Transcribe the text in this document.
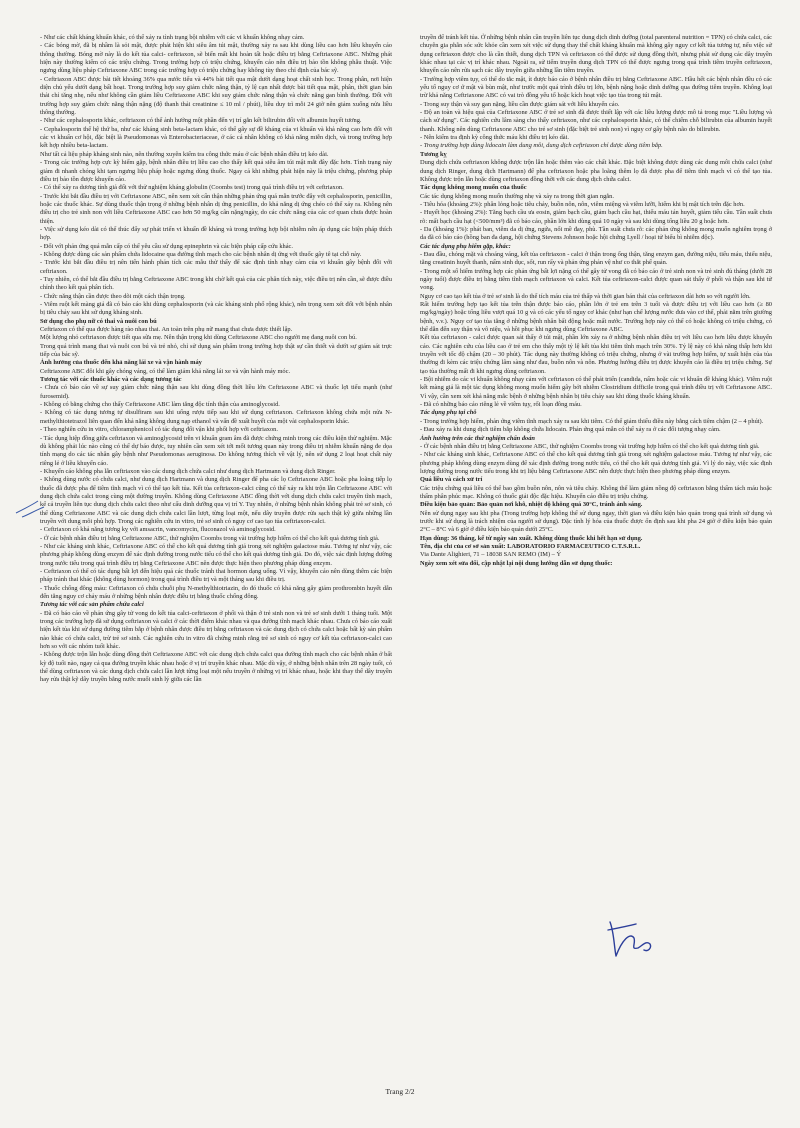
- Như các chất kháng khuẩn khác, có thể xảy ra tình trạng bội nhiễm với các vi khuẩn không nhạy cảm.

- Các bóng mờ, đã bị nhầm là sỏi mật, được phát hiện khi siêu âm túi mật, thường xảy ra sau khi dùng liều cao hơn liều khuyến cáo thông thường. Bóng mờ này là do kết tủa calci- ceftriaxon, sẽ biến mất khi hoàn tất hoặc điều trị bằng Ceftriaxone ABC. Những phát hiện này thường kiếm có các triệu chứng. Trong trường hợp có triệu chứng, khuyến cáo nên điều trị bảo tồn không phẫu thuật. Việc ngưng dùng liệu pháp Ceftriaxone ABC trong các trường hợp có triệu chứng hay không tùy theo chỉ định của bác sỹ.

- Ceftriaxon ABC được bài tiết khoảng 36% qua nước tiểu và 44% bài tiết qua mật dưới dạng hoạt chất sinh học. Trong phân, nơi hiện diện chủ yếu dưới dạng bất hoạt. Trong trường hợp suy giảm chức năng thận, tỷ lệ cạn nhất được bài tiết qua mật, phân, thời gian bán thải chỉ tăng nhẹ, nếu như không cần giảm liều Ceftriaxone ABC khi suy giảm chức năng thận và chức năng gan bình thường. Đối với trường hợp suy giảm chức năng thận nặng (độ thanh thải creatinine ≤ 10 ml / phút), liều duy trì mỗi 24 giờ nên giảm xuống nửa liều thông thường.

- Như các cephalosporin khác, ceftriaxon có thể ảnh hưởng một phần đến vị trí gắn kết bilirubin đối với albumin huyết tương.

- Cephalosporin thế hệ thứ ba, như các kháng sinh beta-lactam khác, có thể gây sự đề kháng của vi khuẩn và khả năng cao hơn đối với các vi khuẩn cơ hội, đặc biệt là Pseudomonas và Enterobacteriaceae, ở các cá nhân không có khả năng miễn dịch, và trong trường hợp kết hợp nhiều beta-lactam.

Như tất cả liệu pháp kháng sinh nào, nên thường xuyên kiểm tra công thức máu ở các bệnh nhân điều trị kéo dài.

- Trong các trường hợp cực kỳ hiếm gặp, bệnh nhân điều trị liều cao cho thấy kết quả siêu âm túi mật mắt đây đặc hơn. Tình trạng này giảm đi nhanh chóng khi tạm ngưng liệu pháp hoặc ngưng dùng thuốc. Ngay cả khi những phát hiện này là triệu chứng, phương pháp điều trị bảo tồn được khuyến cáo.

- Có thể xảy ra dương tính giả đối với thử nghiệm kháng globulin (Coombs test) trong quá trình điều trị với ceftriaxon.

- Trước khi bắt đầu điều trị với Ceftriaxone ABC, nên xem xét cẩn thận những phản ứng quá mẫn trước đây với cephalosporin, penicillin, hoặc các thuốc khác. Sự dùng thuốc thận trọng ở những bệnh nhân dị ứng penicillin, do khả năng dị ứng chéo có thể xảy ra. Không nên điều trị cho trẻ sinh non với liều Ceftriaxone ABC cao hơn 50 mg/kg cân nặng/ngày, do các chức năng của các cơ quan chưa được hoàn thiện.

- Việc sử dụng kéo dài có thể thúc đẩy sự phát triển vi khuẩn đề kháng và trong trường hợp bội nhiễm nên áp dụng các biện pháp thích hợp.

- Đối với phản ứng quá mẫn cấp có thể yêu cầu sử dụng epinephrin và các biện pháp cấp cứu khác.

- Không được dùng các sản phẩm chứa lidocaine qua đường tĩnh mạch cho các bệnh nhân dị ứng với thuốc gây tê tại chỗ này.

- Trước khi bắt đầu điều trị nên tiến hành phản tích các mẫu thử thấy để xác định tính nhạy cảm của vi khuẩn gây bệnh đối với ceftriaxon.

- Tuy nhiên, có thể bắt đầu điều trị bằng Ceftriaxone ABC trong khi chờ kết quả của các phân tích này, việc điều trị nên cần, sẽ được điều chỉnh theo kết quả phân tích.

- Chức năng thận cần được theo dõi một cách thận trọng.

- Viêm ruột kết màng giả đã có báo cáo khi dùng cephalosporin (và các kháng sinh phổ rộng khác), nên trọng xem xét đối với bệnh nhân bị tiêu chảy sau khi sử dụng kháng sinh.

Sử dụng cho phụ nữ có thai và nuôi con bú

Ceftriaxon có thể qua được hàng rào nhau thai. An toàn trên phụ nữ mang thai chưa được thiết lập.

Một lượng nhỏ ceftriaxon được tiết qua sữa mẹ. Nên thận trọng khi dùng Ceftriaxone ABC cho người mẹ đang nuôi con bú.

Trong quá trình mang thai và nuôi con bú và trẻ nhỏ, chỉ sử dụng sản phẩm trong trường hợp thật sự cần thiết và dưới sự giám sát trực tiếp của bác sỹ.

Ảnh hưởng của thuốc đến khả năng lái xe và vận hành máy

Ceftriaxone ABC đôi khi gây chóng váng, có thể làm giảm khả năng lái xe và vận hành máy móc.

Tương tác với các thuốc khác và các dạng tương tác

- Chưa có báo cáo về sự suy giảm chức năng thận sau khi dùng đồng thời liều lớn Ceftriaxone ABC và thuốc lợi tiểu mạnh (như furosemid).

- Không có bằng chứng cho thấy Ceftriaxone ABC làm tăng độc tính thận của aminoglycosid.

- Không có tác dụng tương tự disulfiram sau khi uống rượu tiếp sau khi sử dụng ceftriaxon. Ceftriaxon không chứa một nửa N-methylthiotetrazol liên quan đến khả năng không dung nạp ethanol và vấn đề xuất huyết của một vài cephalosporin khác.

- Theo nghiên cứu in vitro, chloramphenicol có tác dụng đối vận khi phối hợp với ceftriaxon.

- Tác dụng hiệp đồng giữa ceftriaxon và aminoglycosid trên vi khuẩn gram âm đã được chứng minh trong các điều kiện thử nghiệm. Mặc dù không phải lúc nào cũng có thể dự báo được, tuy nhiên cần xem xét tới mối tương quan này trong điều trị nhiễm khuẩn nặng đe dọa tính mạng do các tác nhân gây bệnh như Pseudomonas aeruginosa. Do không tương thích về vật lý, nên sử dụng 2 loại hoạt chất này riêng lẻ ở liều khuyến cáo.

- Khuyến cáo không pha lẫn ceftriaxon vào các dung dịch chứa calci như dung dịch Hartmann và dung dịch Ringer.

- Không dùng nước có chứa calci, như dung dịch Hartmann và dung dịch Ringer để pha các lọ Ceftriaxone ABC hoặc pha loãng tiếp lọ thuốc đã được pha để tiêm tĩnh mạch vì có thể tạo kết tủa. Kết tủa ceftriaxon-calci cũng có thể xảy ra khi trộn lẫn Ceftriaxone ABC với dung dịch chứa calci trong cùng một đường truyền. Không dùng Ceftriaxone ABC đồng thời với dung dịch chứa calci truyền tĩnh mạch, kể cả truyền liên tục dung dịch chứa calci theo như cấu dinh dưỡng qua vị trí Y. Tuy nhiên, ở những bệnh nhân không phải trẻ sơ sinh, có thể dùng Ceftriaxone ABC và các dung dịch chứa calci lần lượt, từng loại một, nếu dây truyền được rửa sạch thật kỹ giữa những lần truyền với dung môi phù hợp. Trong các nghiên cứu in vitro, trẻ sơ sinh có nguy cơ cao tạo tủa ceftriaxon-calci.

- Ceftriaxon có khả năng tương kỵ với amsacrin, vancomycin, fluconazol và aminoglycosid.

- Ở các bệnh nhân điều trị bằng Ceftriaxone ABC, thử nghiệm Coombs trong vài trường hợp hiếm có thể cho kết quả dương tính giả.

- Như các kháng sinh khác, Ceftriaxone ABC có thể cho kết quả dương tính giả trong xét nghiệm galactose máu. Tương tự như vậy, các phương pháp không dùng enzym để xác định đường trong nước tiểu có thể cho kết quả dương tính giả. Do đó, việc xác định lượng đường trong nước tiểu trong quá trình điều trị bằng Ceftriaxone ABC nên được thực hiện theo phương pháp dùng enzym.

- Ceftriaxon có thể có tác dụng bất lợi đến hiệu quả các thuốc tránh thai hormon dạng uống. Vì vậy, khuyến cáo nên dùng thêm các biện pháp tránh thai khác (không dùng hormon) trong quá trình điều trị và một tháng sau khi điều trị.

- Thuốc chống đông máu: Ceftriaxon có chứa chuỗi phụ N-methylthiotriazin, do đó thuốc có khả năng gây giảm prothrombin huyết dẫn đến tăng nguy cơ chảy máu ở những bệnh nhân được điều trị bằng thuốc chống đông.

Tương tác với các sản phẩm chứa calci

- Đã có báo cáo về phản ứng gây tử vong do kết tủa calci-ceftriaxon ở phổi và thận ở trẻ sinh non và trẻ sơ sinh dưới 1 tháng tuổi. Một trong các trường hợp đã sử dụng ceftriaxon và calci ở các thời điểm khác nhau và qua đường tĩnh mạch khác nhau. Chưa có báo cáo xuất hiện kết tủa khi sử dụng đường tiêm bắp ở bệnh nhân được điều trị bằng ceftriaxon và các dung dịch có chứa calci hoặc bất kỳ sản phẩm nào khác có chứa calci, trừ trẻ sơ sinh. Các nghiên cứu in vitro đã chứng minh rằng trẻ sơ sinh có nguy cơ kết tủa ceftriaxon-calci cao hơn so với các nhóm tuổi khác.

- Không được trộn lẫn hoặc dùng đồng thời Ceftriaxone ABC với các dung dịch chứa calci qua đường tĩnh mạch cho các bệnh nhân ở bất kỳ độ tuổi nào, ngay cả qua đường truyền khác nhau hoặc ở vị trí truyền khác nhau. Mặc dù vậy, ở những bệnh nhân trên 28 ngày tuổi, có thể dùng ceftriaxon và các dung dịch chứa calci lần lượt từng loại một nếu truyền ở những vị trí khác nhau, hoặc khi thay thế dây truyền hay rửa thật kỹ dây truyền bằng nước muối sinh lý giữa các lần

truyền để tránh kết tủa. Ở những bệnh nhân cần truyền liên tục dung dịch dinh dưỡng (total parenteral nutrition = TPN) có chứa calci, các chuyên gia phẫn sóc sức khỏe cần xem xét việc sử dụng thay thế chất kháng khuẩn mà không gây nguy cơ kết tủa tương tự, nếu việc sử dụng ceftriaxon được cho là cần thiết, dung dịch TPN và ceftriaxon có thể được sử dụng đồng thời, nhưng phải sử dụng các dây truyền khác nhau tại các vị trí khác nhau. Ngoài ra, sử tiếm truyền dung dịch TPN có thể được ngưng trong quá trình tiêm truyền ceftriaxon, khuyến cáo nên rửa sạch các dây truyền giữa những lần tiêm truyền.

- Trường hợp viêm tụy, có thể do tắc mật, ít được báo cáo ở bệnh nhân điều trị bằng Ceftriaxone ABC. Hầu hết các bệnh nhân đều có các yếu tố nguy cơ ứ mật và bùn mật, như trước một quá trình điều trị lớn, bệnh nặng hoặc dinh dưỡng qua đường tiêm truyền. Không loại trừ khả năng Ceftriaxone ABC có vai trò đồng yếu tố hoặc kích hoạt việc tạo tủa trong túi mật.

- Trong suy thận và suy gan nặng, liều cần được giám sát với liều khuyến cáo.

- Độ an toàn và hiệu quả của Ceftriaxone ABC ở trẻ sơ sinh đã được thiết lập với các liều lượng được mô tả trong mục "Liều lượng và cách sử dụng". Các nghiên cứu lâm sàng cho thấy ceftriaxon, như các cephalosporin khác, có thể chiếm chỗ bilirubin của albumin huyết thanh. Không nên dùng Ceftriaxone ABC cho trẻ sơ sinh (đặc biệt trẻ sinh non) vì nguy cơ gây bệnh não do bilirubin.

- Nên kiểm tra định kỳ công thức máu khi điều trị kéo dài.

- Trong trường hợp dùng lidocain làm dung môi, dung dịch ceftriaxon chỉ được dùng tiêm bắp.

Tương kỵ

Dung dịch chứa ceftriaxon không được trộn lẫn hoặc thêm vào các chất khác. Đặc biệt không được dùng các dung môi chứa calci (như dung dịch Ringer, dung dịch Hartmann) để pha ceftriaxon hoặc pha loãng thêm lọ đã được pha để tiêm tĩnh mạch vì có thể tạo tủa. Không được trộn lẫn hoặc dùng ceftriaxon đồng thời với các dung dịch chứa calci.

Tác dụng không mong muốn của thuốc

Các tác dụng không mong muốn thường nhẹ và xảy ra trong thời gian ngắn.

- Tiêu hóa (khoảng 2%): phân lỏng hoặc tiêu chảy, buồn nôn, nôn, viêm miệng và viêm lưỡi, hiếm khi bị mật tích trên đặc hơn.

- Huyết học (khoảng 2%): Tăng bạch cầu ưa eosin, giảm bạch cầu, giảm bạch cầu hạt, thiếu máu tán huyết, giảm tiểu cầu. Tần suất chưa rõ: mất bạch cầu hạt (<500/mm³) đã có báo cáo, phần lớn khi dùng quá 10 ngày và sau khi dùng tổng liều 20 g hoặc hơn.

- Da (khoảng 1%): phát ban, viêm da dị ứng, ngứa, nổi mề đay, phù. Tần suất chưa rõ: các phản ứng không mong muốn nghiêm trọng ở da đã có báo cáo (hồng ban đa dạng, hội chứng Stevens Johnson hoặc hội chứng Lyell / hoại tử biểu bì nhiễm độc).

Các tác dụng phụ hiếm gặp, khác:

- Đau đầu, chóng mặt và choáng váng, kết tủa ceftriaxon - calci ở thận trong ống thận, tăng enzym gan, đường niệu, tiểu máu, thiểu niệu, tăng creatinin huyết thanh, nấm sinh dục, sốt, run rẩy và phản ứng phản vệ như co thắt phế quản.

- Trong một số hiếm trường hợp các phản ứng bất lợi nặng có thể gây tử vong đã có báo cáo ở trẻ sinh non và trẻ sinh đủ tháng (dưới 28 ngày tuổi) được điều trị bằng tiêm tĩnh mạch ceftriaxon và calci. Kết tủa ceftriaxon-calci được quan sát thấy ở phổi và thận sau khi tử vong.

Nguy cơ cao tạo kết tủa ở trẻ sơ sinh là do thể tích máu của trẻ thấp và thời gian bán thải của ceftriaxon dài hơn so với người lớn.

Rất hiếm trường hợp tạo kết tủa trên thận được báo cáo, phần lớn ở trẻ em trên 3 tuổi và được điều trị với liều cao hơn (≥ 80 mg/kg/ngày) hoặc tổng liều vượt quá 10 g và có các yếu tố nguy cơ khác (như hạn chế lượng nước đưa vào cơ thể, phải nằm trên giường bệnh, v.v.). Nguy cơ tạo tủa tăng ở những bệnh nhân bất động hoặc mất nước. Trường hợp này có thể có hoặc không có triệu chứng, có thể dẫn đến suy thận và vô niệu, và hồi phục khi ngưng dùng Ceftriaxone ABC.

Kết tủa ceftriaxon - calci được quan sát thấy ở túi mật, phần lớn xảy ra ở những bệnh nhân điều trị với liều cao hơn liều được khuyến cáo. Các nghiên cứu của liều cao ở trẻ em cho thấy một tỷ lệ kết tủa khi tiêm tĩnh mạch trên 30%. Tỷ lệ này có khả năng thấp hơn khi truyền với tốc độ chậm (20 – 30 phút). Tác dụng này thường không có triệu chứng, nhưng ở vài trường hợp hiếm, tự xuất hiện của tủa thường đi kèm các triệu chứng lâm sàng như đau, buồn nôn và nôn. Phương hướng điều trị được khuyến cáo là điều trị triệu chứng. Sự tạo tủa thường mất đi khi ngưng dùng ceftriaxon.

- Bội nhiễm do các vi khuẩn không nhạy cảm với ceftriaxon có thể phát triển (candida, nấm hoặc các vi khuẩn đề kháng khác). Viêm ruột kết màng giả là một tác dụng không mong muốn hiếm gây bởi nhiễm Clostridium difficile trong quá trình điều trị với Ceftriaxone ABC. Vì vậy, cần xem xét khả năng mắc bệnh ở những bệnh nhân bị tiêu chảy sau khi dùng thuốc kháng khuẩn.

- Đã có những báo cáo riêng lẻ về viêm tụy, rối loạn đông máu.

Tác dụng phụ tại chỗ

- Trong trường hợp hiếm, phản ứng viêm tĩnh mạch xảy ra sau khi tiêm. Có thể giảm thiểu điều này bằng cách tiêm chậm (2 – 4 phút).

- Đau xảy ra khi dung dịch tiêm bắp không chứa lidocain. Phản ứng quá mẫn có thể xảy ra ở các đối tượng nhạy cảm.

Ảnh hưởng trên các thử nghiệm chẩn đoán

- Ở các bệnh nhân điều trị bằng Ceftriaxone ABC, thử nghiệm Coombs trong vài trường hợp hiếm có thể cho kết quả dương tính giả.

- Như các kháng sinh khác, Ceftriaxone ABC có thể cho kết quả dương tính giả trong xét nghiệm galactose máu. Tương tự như vậy, các phương pháp không dùng enzym dùng để xác định đường trong nước tiểu, có thể cho kết quả dương tính giả. Vì lý do này, việc xác định lượng đường trong nước tiểu trong khi trị liệu bằng Ceftriaxone ABC nên được thực hiện theo phương pháp dùng enzym.

Quá liều và cách xử trí

Các triệu chứng quá liều có thể bao gồm buồn nôn, nôn và tiêu chảy. Không thể làm giảm nồng độ ceftriaxon bằng thẩm tách máu hoặc thẩm phân phúc mạc. Không có thuốc giải độc đặc hiệu. Khuyến cáo điều trị triệu chứng.

Điều kiện bảo quản: Bảo quản nơi khô, nhiệt độ không quá 30°C, tránh ánh sáng.

Nên sử dụng ngay sau khi pha (Trong trường hợp không thể sử dụng ngay, thời gian và điều kiện bảo quản trong quá trình sử dụng và trước khi sử dụng là trách nhiệm của người sử dụng). Đặc tính lý hóa của thuốc được ổn định sau khi pha 24 giờ ở điều kiện bảo quản 2°C – 8°C và 6 giờ ở điều kiện bảo quản dưới 25°C.

Hạn dùng: 36 tháng, kể từ ngày sản xuất. Không dùng thuốc khi hết hạn sử dụng.

Tên, địa chỉ của cơ sở sản xuất: LABORATORIO FARMACEUTICO C.T.S.R.L.

Via Dante Alighieri, 71 – 18038 SAN REMO (IM) – Ý

Ngày xem xét sửa đổi, cập nhật lại nội dung hướng dẫn sử dụng thuốc:

Trang 2/2
